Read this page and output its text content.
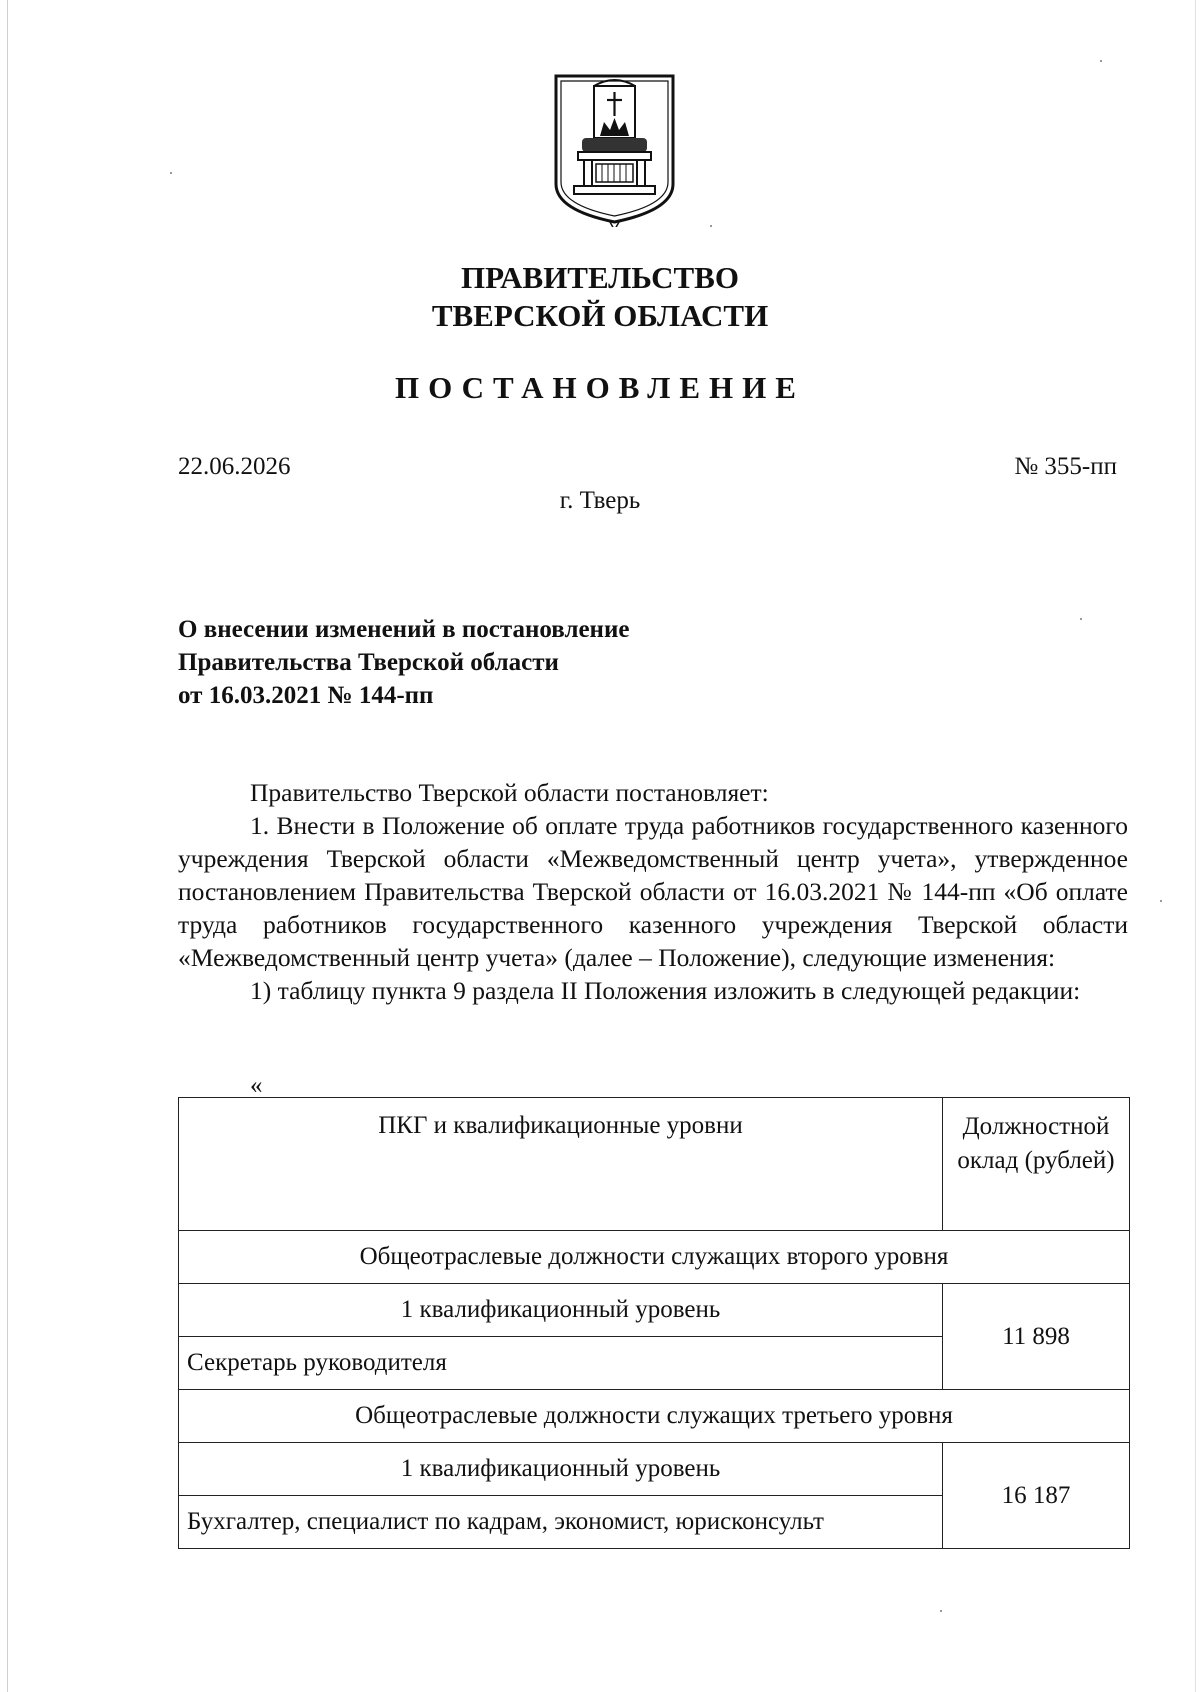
ПРАВИТЕЛЬСТВО
ТВЕРСКОЙ ОБЛАСТИ
ПОСТАНОВЛЕНИЕ
22.06.2026	№ 355-пп
г. Тверь
О внесении изменений в постановление
Правительства Тверской области
от 16.03.2021 № 144-пп
Правительство Тверской области постановляет:
1. Внести в Положение об оплате труда работников государственного казенного учреждения Тверской области «Межведомственный центр учета», утвержденное постановлением Правительства Тверской области от 16.03.2021 № 144-пп «Об оплате труда работников государственного казенного учреждения Тверской области «Межведомственный центр учета» (далее – Положение), следующие изменения:
1) таблицу пункта 9 раздела II Положения изложить в следующей редакции:
«
ПКГ и квалификационные уровни	Должностной оклад (рублей)
Общеотраслевые должности служащих второго уровня	
1 квалификационный уровень	11 898
Секретарь руководителя	
Общеотраслевые должности служащих третьего уровня	
1 квалификационный уровень	16 187
Бухгалтер, специалист по кадрам, экономист, юрисконсульт	
